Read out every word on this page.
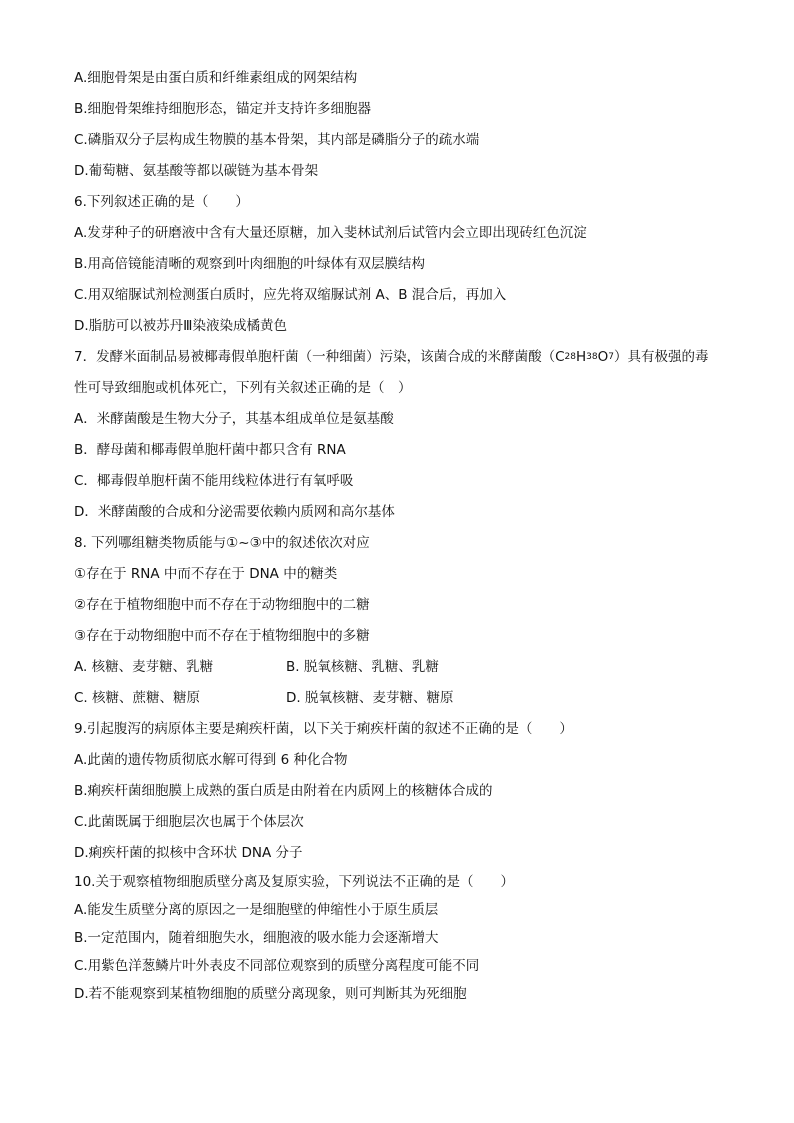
A.细胞骨架是由蛋白质和纤维素组成的网架结构
B.细胞骨架维持细胞形态，锚定并支持许多细胞器
C.磷脂双分子层构成生物膜的基本骨架，其内部是磷脂分子的疏水端
D.葡萄糖、氨基酸等都以碳链为基本骨架
6.下列叙述正确的是（　　）
A.发芽种子的研磨液中含有大量还原糖，加入斐林试剂后试管内会立即出现砖红色沉淀
B.用高倍镜能清晰的观察到叶肉细胞的叶绿体有双层膜结构
C.用双缩脲试剂检测蛋白质时，应先将双缩脲试剂 A、B 混合后，再加入
D.脂肪可以被苏丹Ⅲ染液染成橘黄色
7．发酵米面制品易被椰毒假单胞杆菌（一种细菌）污染，该菌合成的米酵菌酸（C 28 H 38 O 7 ）具有极强的毒
性可导致细胞或机体死亡，下列有关叙述正确的是（　）
A．米酵菌酸是生物大分子，其基本组成单位是氨基酸
B．酵母菌和椰毒假单胞杆菌中都只含有 RNA
C．椰毒假单胞杆菌不能用线粒体进行有氧呼吸
D．米酵菌酸的合成和分泌需要依赖内质网和高尔基体
8. 下列哪组糖类物质能与①~③中的叙述依次对应
①存在于 RNA 中而不存在于 DNA 中的糖类
②存在于植物细胞中而不存在于动物细胞中的二糖
③存在于动物细胞中而不存在于植物细胞中的多糖
A. 核糖、麦芽糖、乳糖	B. 脱氧核糖、乳糖、乳糖
C. 核糖、蔗糖、糖原	D. 脱氧核糖、麦芽糖、糖原
9.引起腹泻的病原体主要是痢疾杆菌，以下关于痢疾杆菌的叙述不正确的是（　　）
A.此菌的遗传物质彻底水解可得到 6 种化合物
B.痢疾杆菌细胞膜上成熟的蛋白质是由附着在内质网上的核糖体合成的
C.此菌既属于细胞层次也属于个体层次
D.痢疾杆菌的拟核中含环状 DNA 分子
10.关于观察植物细胞质壁分离及复原实验，下列说法不正确的是（　　）
A.能发生质壁分离的原因之一是细胞壁的伸缩性小于原生质层
B.一定范围内，随着细胞失水，细胞液的吸水能力会逐渐增大
C.用紫色洋葱鳞片叶外表皮不同部位观察到的质壁分离程度可能不同
D.若不能观察到某植物细胞的质壁分离现象，则可判断其为死细胞
